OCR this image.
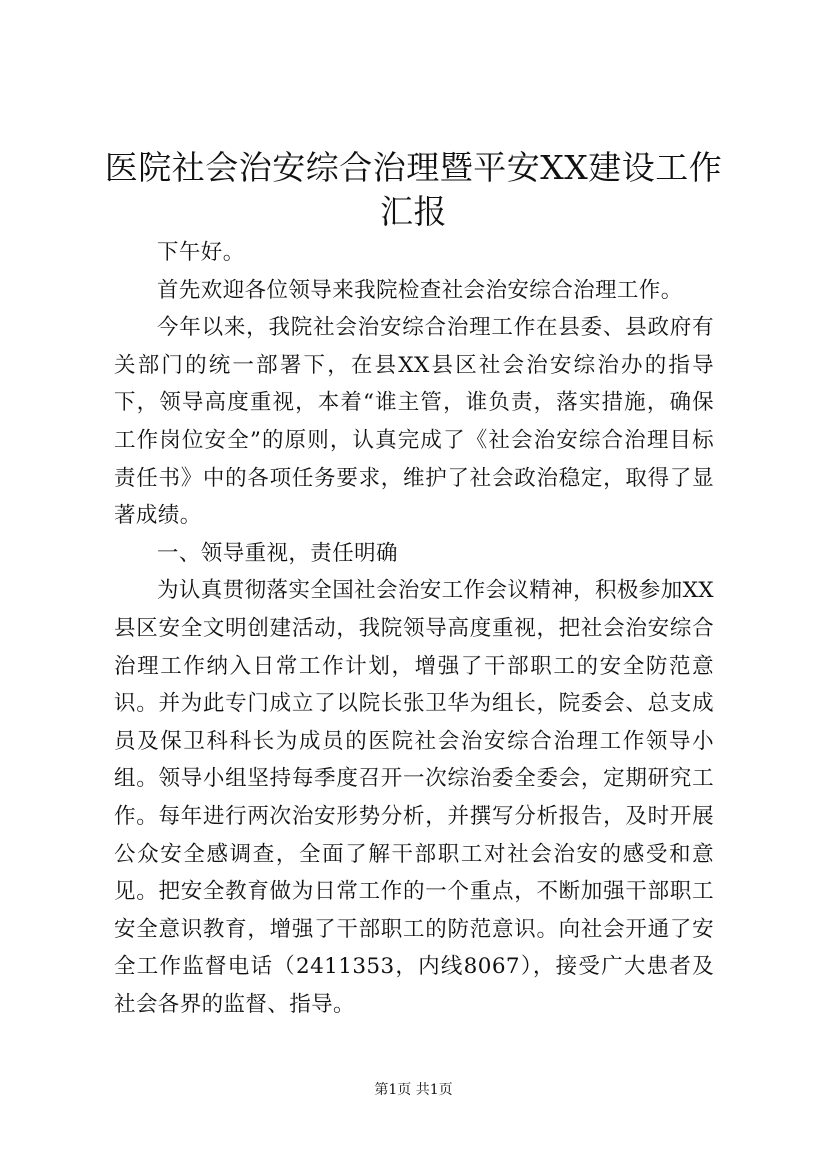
医院社会治安综合治理暨平安XX建设工作汇报

下午好。

首先欢迎各位领导来我院检查社会治安综合治理工作。

今年以来，我院社会治安综合治理工作在县委、县政府有关部门的统一部署下，在县XX县区社会治安综治办的指导下，领导高度重视，本着“谁主管，谁负责，落实措施，确保工作岗位安全”的原则，认真完成了《社会治安综合治理目标责任书》中的各项任务要求，维护了社会政治稳定，取得了显著成绩。

一、领导重视，责任明确

为认真贯彻落实全国社会治安工作会议精神，积极参加XX县区安全文明创建活动，我院领导高度重视，把社会治安综合治理工作纳入日常工作计划，增强了干部职工的安全防范意识。并为此专门成立了以院长张卫华为组长，院委会、总支成员及保卫科科长为成员的医院社会治安综合治理工作领导小组。领导小组坚持每季度召开一次综治委全委会，定期研究工作。每年进行两次治安形势分析，并撰写分析报告，及时开展公众安全感调查，全面了解干部职工对社会治安的感受和意见。把安全教育做为日常工作的一个重点，不断加强干部职工安全意识教育，增强了干部职工的防范意识。向社会开通了安全工作监督电话（2411353，内线8067），接受广大患者及社会各界的监督、指导。

第1页 共1页
